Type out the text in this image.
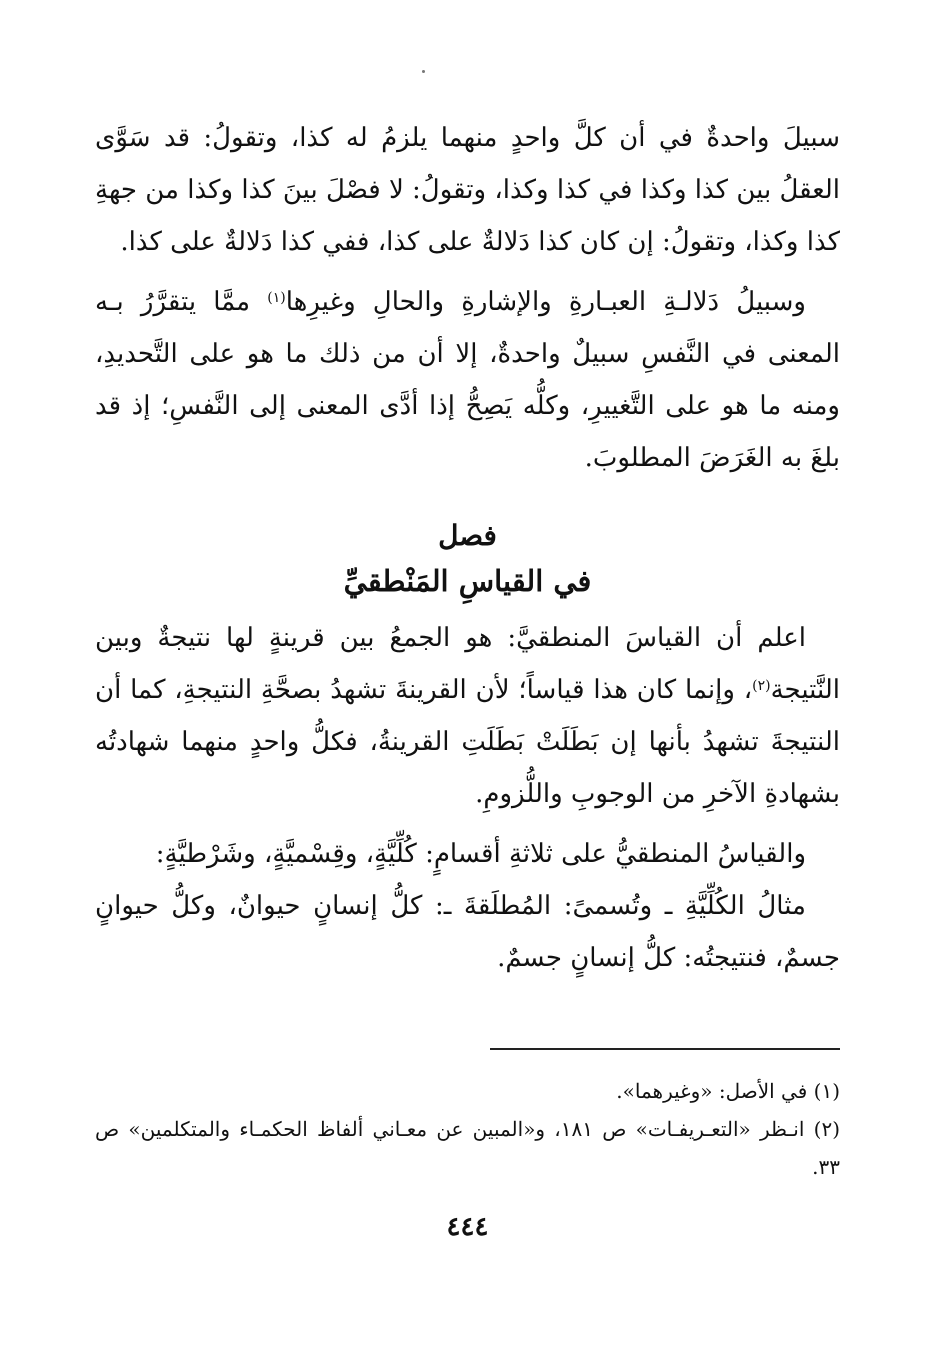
سبيلَ واحدةٌ في أن كلَّ واحدٍ منهما يلزمُ له كذا، وتقولُ: قد سَوَّى العقلُ بين كذا وكذا في كذا وكذا، وتقولُ: لا فصْلَ بينَ كذا وكذا من جهةِ كذا وكذا، وتقولُ: إن كان كذا دَلالةٌ على كذا، ففي كذا دَلالةٌ على كذا.

وسبيلُ دَلالـةِ العبـارةِ والإشارةِ والحالِ وغيرِها$^{(١)}$ ممَّا يتقرَّرُ بـه المعنى في النَّفسِ سبيلٌ واحدةٌ، إلا أن من ذلك ما هو على التَّحديدِ، ومنه ما هو على التَّغييرِ، وكلُّه يَصِحُّ إذا أدَّى المعنى إلى النَّفسِ؛ إذ قد بلغَ به الغَرَضَ المطلوبَ.

فصل
في القياسِ المَنْطقيِّ

اعلم أن القياسَ المنطقيَّ: هو الجمعُ بين قرينةٍ لها نتيجةٌ وبين النَّتيجة$^{(٢)}$، وإنما كان هذا قياساً؛ لأن القرينةَ تشهدُ بصحَّةِ النتيجةِ، كما أن النتيجةَ تشهدُ بأنها إن بَطَلَتْ بَطَلَتِ القرينةُ، فكلُّ واحدٍ منهما شهادتُه بشهادةِ الآخرِ من الوجوبِ واللُّزومِ.

والقياسُ المنطقيُّ على ثلاثةِ أقسامٍ: كُلِّيَّةٍ، وقِسْميَّةٍ، وشَرْطيَّةٍ:

مثالُ الكُلِّيَّةِ ـ وتُسمىً: المُطلَقةَ ـ: كلُّ إنسانٍ حيوانٌ، وكلُّ حيوانٍ جسمٌ، فنتيجتُه: كلُّ إنسانٍ جسمٌ.

(١) في الأصل: «وغيرهما».

(٢) انـظر «التعـريفـات» ص ١٨١، و«المبين عن معـاني ألفاظ الحكمـاء والمتكلمين» ص ٣٣.

٤٤٤
